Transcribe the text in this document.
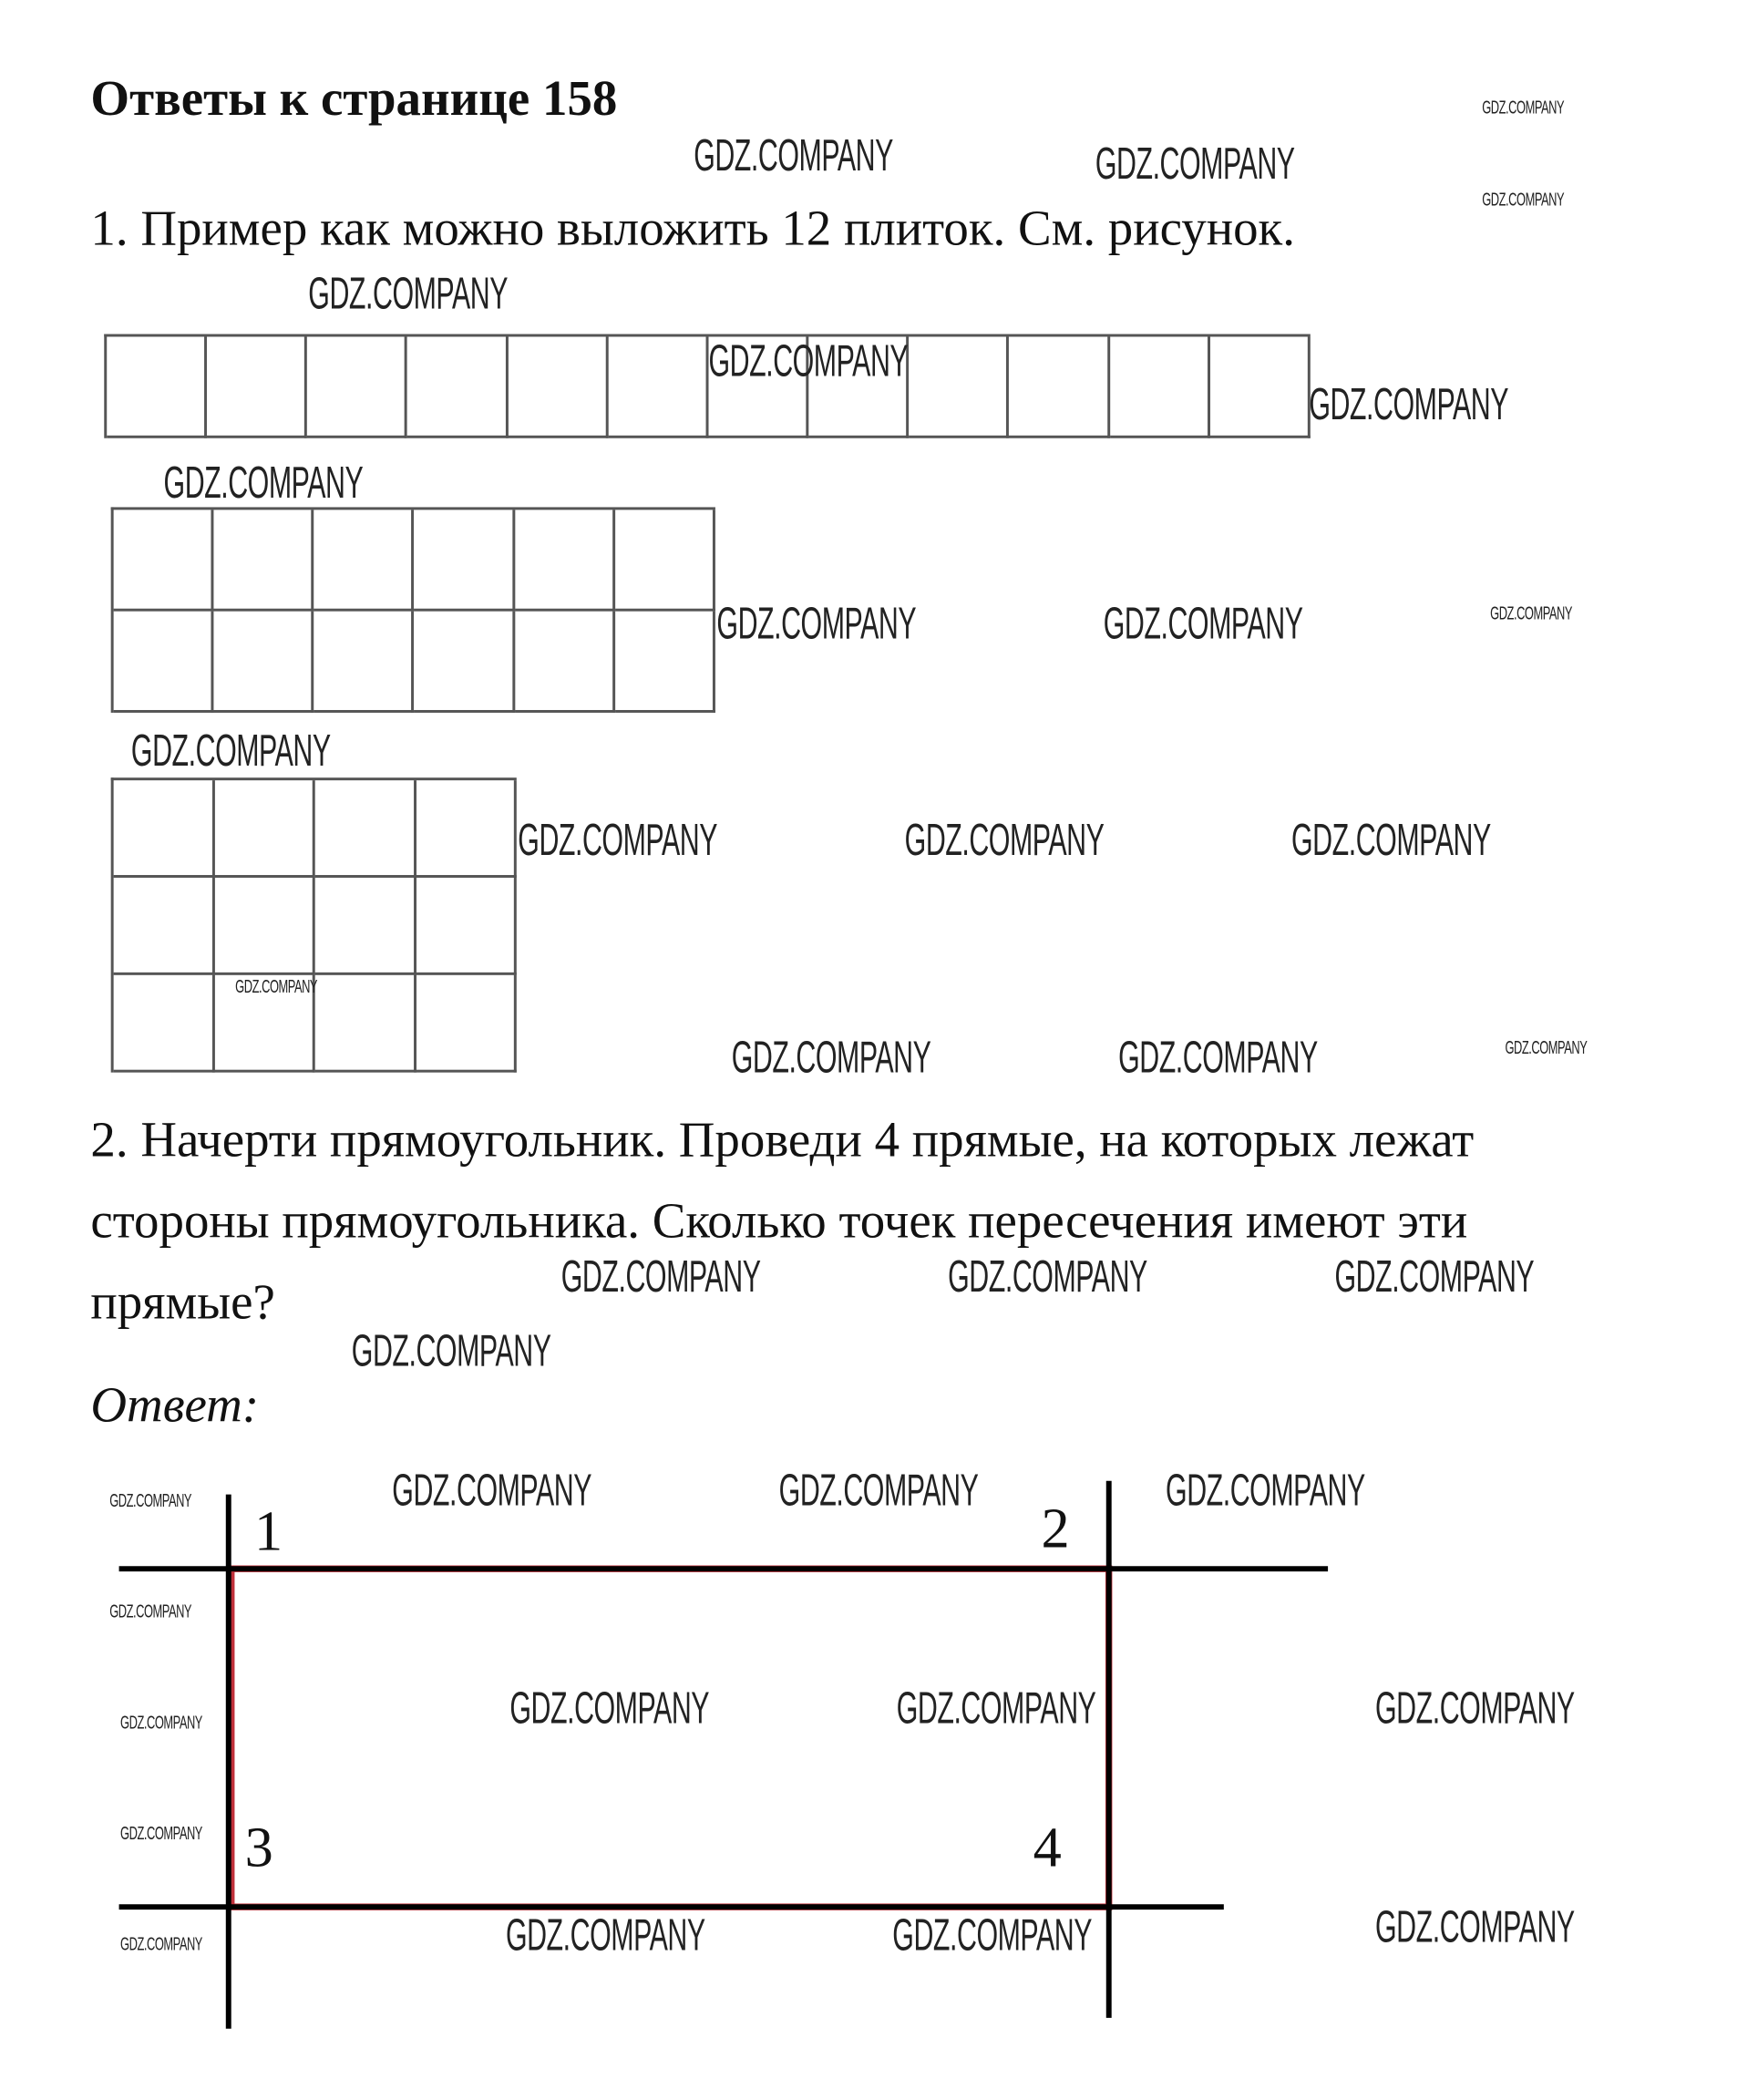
Ответы к странице 158
1. Пример как можно выложить 12 плиток. См. рисунок.
2. Начерти прямоугольник. Проведи 4 прямые, на которых лежат
стороны прямоугольника. Сколько точек пересечения имеют эти
прямые?
Ответ:
1	2
3	4
GDZ.COMPANY
GDZ.COMPANY
GDZ.COMPANY
GDZ.COMPANY
GDZ.COMPANY
GDZ.COMPANY
GDZ.COMPANY
GDZ.COMPANY
GDZ.COMPANY	GDZ.COMPANY	GDZ.COMPANY
GDZ.COMPANY
GDZ.COMPANY	GDZ.COMPANY	GDZ.COMPANY
GDZ.COMPANY
GDZ.COMPANY	GDZ.COMPANY	GDZ.COMPANY
GDZ.COMPANY
GDZ.COMPANY	GDZ.COMPANY	GDZ.COMPANY
GDZ.COMPANY	GDZ.COMPANY	GDZ.COMPANY	GDZ.COMPANY
GDZ.COMPANY
GDZ.COMPANY	GDZ.COMPANY	GDZ.COMPANY	GDZ.COMPANY
GDZ.COMPANY
GDZ.COMPANY	GDZ.COMPANY	GDZ.COMPANY	GDZ.COMPANY
